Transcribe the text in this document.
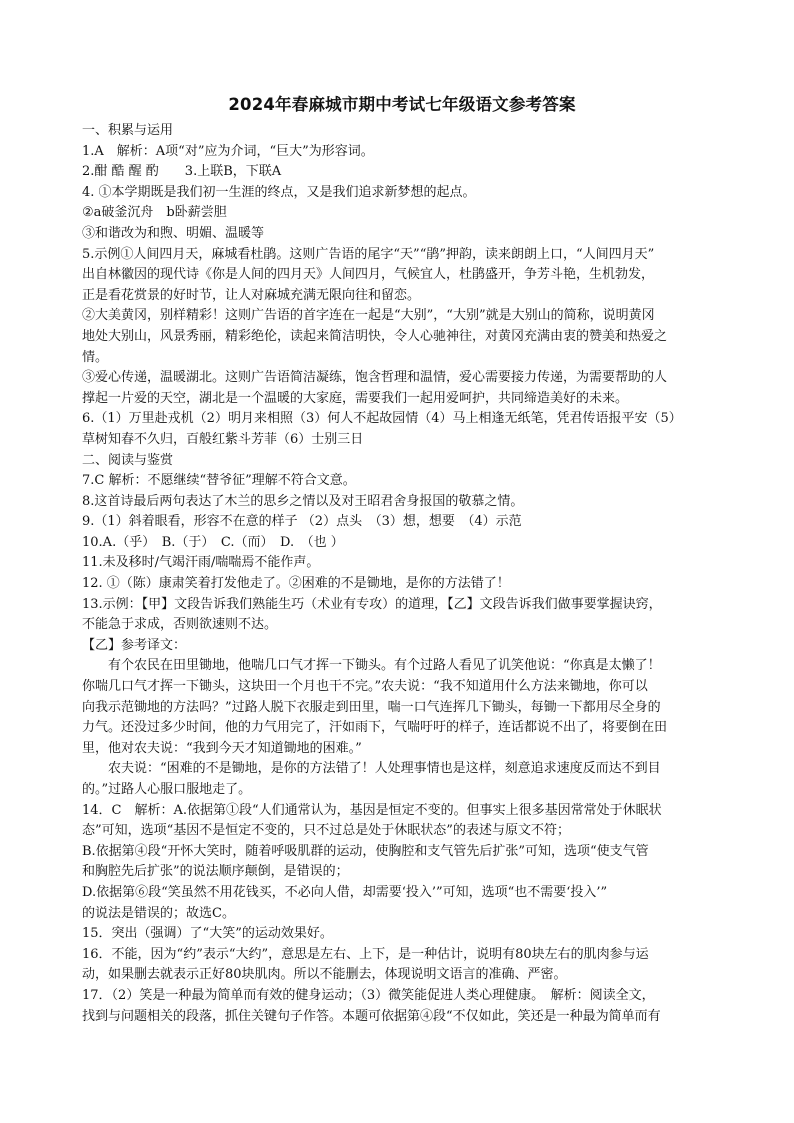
2024年春麻城市期中考试七年级语文参考答案

一、积累与运用

1.A　解析：A项“对”应为介词，“巨大”为形容词。

2.酣 酷 醒 酌　　3.上联B，下联A

4. ①本学期既是我们初一生涯的终点，又是我们追求新梦想的起点。

②a破釜沉舟　b卧薪尝胆

③和谐改为和煦、明媚、温暖等

5.示例①人间四月天，麻城看杜鹃。这则广告语的尾字“天”“鹃”押韵，读来朗朗上口，“人间四月天”

出自林徽因的现代诗《你是人间的四月天》人间四月，气候宜人，杜鹃盛开，争芳斗艳，生机勃发，

正是看花赏景的好时节，让人对麻城充满无限向往和留恋。

②大美黄冈，别样精彩！这则广告语的首字连在一起是“大别”，“大别”就是大别山的简称，说明黄冈

地处大别山，风景秀丽，精彩绝伦，读起来简洁明快，令人心驰神往，对黄冈充满由衷的赞美和热爱之

情。

③爱心传递，温暖湖北。这则广告语简洁凝练，饱含哲理和温情，爱心需要接力传递，为需要帮助的人

撑起一片爱的天空，湖北是一个温暖的大家庭，需要我们一起用爱呵护，共同缔造美好的未来。

6.（1）万里赴戎机（2）明月来相照（3）何人不起故园情（4）马上相逢无纸笔，凭君传语报平安（5）

草树知春不久归，百般红紫斗芳菲（6）士别三日

二、阅读与鉴赏

7.C 解析：不愿继续“替爷征”理解不符合文意。

8.这首诗最后两句表达了木兰的思乡之情以及对王昭君舍身报国的敬慕之情。

9.（1）斜着眼看，形容不在意的样子 （2）点头　（3）想，想要　（4）示范

10.A.（乎）　B.（于）　C.（而）　D.　（也 ）

11.未及移时/气竭汗雨/喘喘焉不能作声。

12. ①（陈）康肃笑着打发他走了。②困难的不是锄地，是你的方法错了！

13.示例：【甲】文段告诉我们熟能生巧（术业有专攻）的道理，【乙】文段告诉我们做事要掌握诀窍，

不能急于求成，否则欲速则不达。

【乙】参考译文：

有个农民在田里锄地，他喘几口气才挥一下锄头。有个过路人看见了讥笑他说：“你真是太懒了！

你喘几口气才挥一下锄头，这块田一个月也干不完。”农夫说：“我不知道用什么方法来锄地，你可以

向我示范锄地的方法吗？”过路人脱下衣服走到田里，喘一口气连挥几下锄头，每锄一下都用尽全身的

力气。还没过多少时间，他的力气用完了，汗如雨下，气喘吁吁的样子，连话都说不出了，将要倒在田

里，他对农夫说：“我到今天才知道锄地的困难。”

农夫说：“困难的不是锄地，是你的方法错了！人处理事情也是这样，刻意追求速度反而达不到目

的。”过路人心服口服地走了。

14．C　解析：A.依据第①段“人们通常认为，基因是恒定不变的。但事实上很多基因常常处于休眠状

态”可知，选项“基因不是恒定不变的，只不过总是处于休眠状态”的表述与原文不符；

B.依据第④段“开怀大笑时，随着呼吸肌群的运动，使胸腔和支气管先后扩张”可知，选项“使支气管

和胸腔先后扩张”的说法顺序颠倒，是错误的；

D.依据第⑥段“笑虽然不用花钱买，不必向人借，却需要‘投入’”可知，选项“也不需要‘投入’”

的说法是错误的；故选C。

15．突出（强调）了“大笑”的运动效果好。

16．不能，因为“约”表示“大约”，意思是左右、上下，是一种估计，说明有80块左右的肌肉参与运

动，如果删去就表示正好80块肌肉。所以不能删去，体现说明文语言的准确、严密。

17．（2）笑是一种最为简单而有效的健身运动；（3）微笑能促进人类心理健康。　解析：阅读全文，

找到与问题相关的段落，抓住关键句子作答。本题可依据第④段“不仅如此，笑还是一种最为简单而有
